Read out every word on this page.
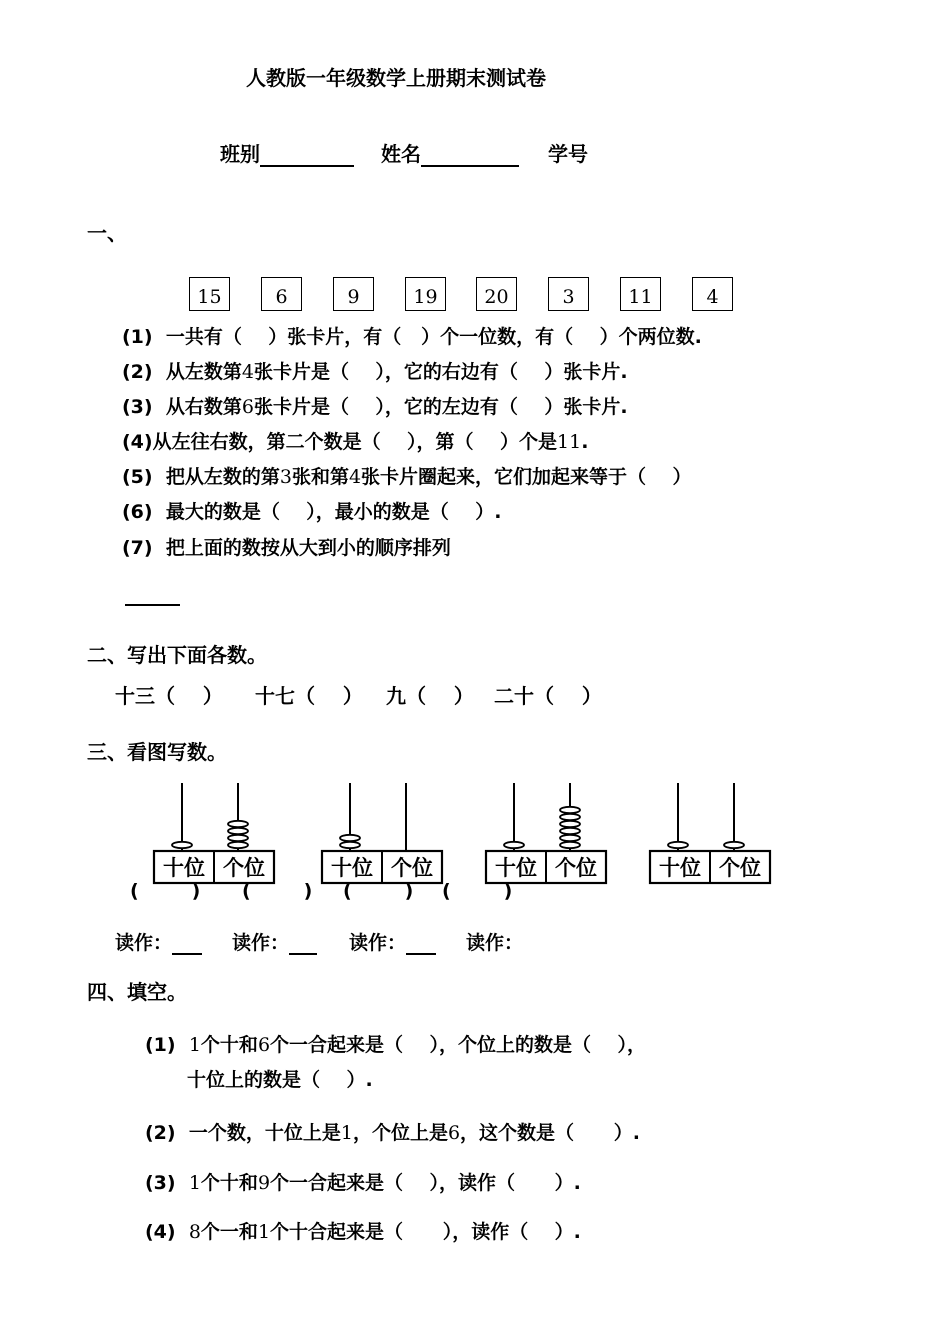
人教版一年级数学上册期末测试卷
班别	姓名	学号
一、
15	6	9	19	20	3	11	4
(1) 一共有（    ）张卡片，有（   ）个一位数，有（    ）个两位数.
(2) 从左数第4张卡片是（    ），它的右边有（    ）张卡片.
(3) 从右数第6张卡片是（    ），它的左边有（    ）张卡片.
(4)从左往右数，第二个数是（    ），第（    ）个是11.
(5) 把从左数的第3张和第4张卡片圈起来，它们加起来等于（    ）
(6) 最大的数是（    ），最小的数是（    ）.
(7) 把上面的数按从大到小的顺序排列
二、写出下面各数。
十三（    ） 十七（    ） 九（    ） 二十（    ）
三、看图写数。
十位 个位	十位 个位	十位 个位	十位 个位
(        ) (        ) (        ) (        )
读作：	读作：	读作：	读作：
四、填空。
(1) 1个十和6个一合起来是（    ），个位上的数是（    ），
十位上的数是（    ）.
(2) 一个数，十位上是1，个位上是6，这个数是（      ）.
(3) 1个十和9个一合起来是（    ），读作（      ）.
(4) 8个一和1个十合起来是（      ），读作（    ）.
